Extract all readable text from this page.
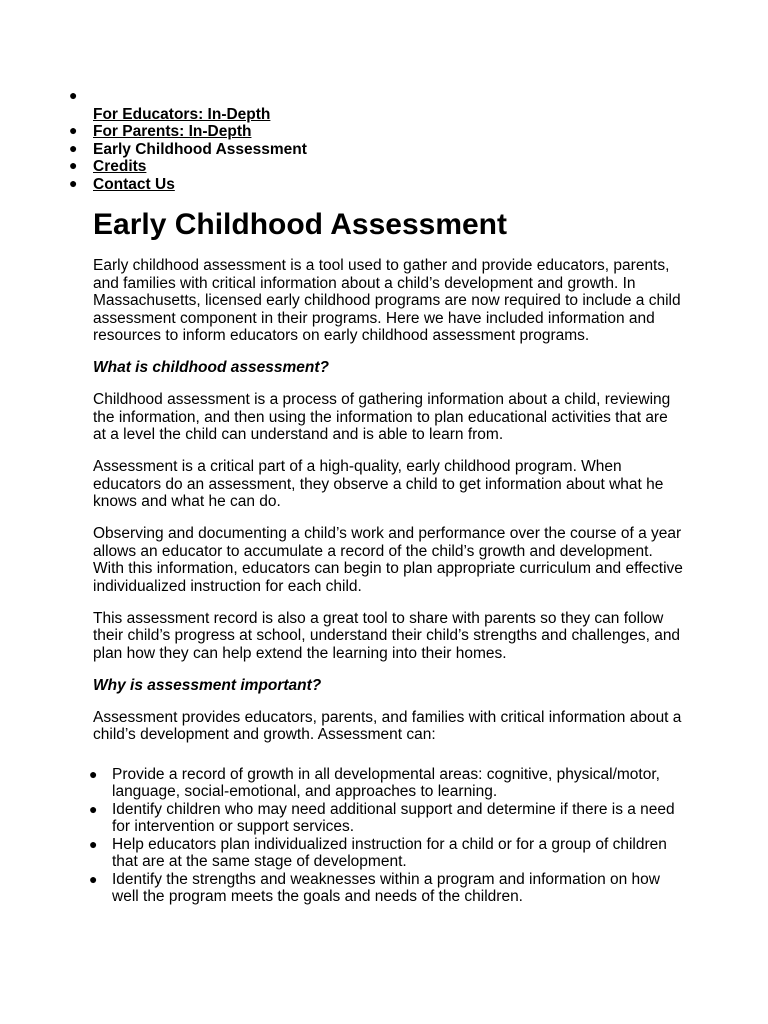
●
For Educators: In-Depth
● For Parents: In-Depth
● Early Childhood Assessment
● Credits
● Contact Us
Early Childhood Assessment

Early childhood assessment is a tool used to gather and provide educators, parents, and families with critical information about a child’s development and growth. In Massachusetts, licensed early childhood programs are now required to include a child assessment component in their programs. Here we have included information and resources to inform educators on early childhood assessment programs.

What is childhood assessment?

Childhood assessment is a process of gathering information about a child, reviewing the information, and then using the information to plan educational activities that are at a level the child can understand and is able to learn from.

Assessment is a critical part of a high-quality, early childhood program. When educators do an assessment, they observe a child to get information about what he knows and what he can do.

Observing and documenting a child’s work and performance over the course of a year allows an educator to accumulate a record of the child’s growth and development. With this information, educators can begin to plan appropriate curriculum and effective individualized instruction for each child.

This assessment record is also a great tool to share with parents so they can follow their child’s progress at school, understand their child’s strengths and challenges, and plan how they can help extend the learning into their homes.

Why is assessment important?

Assessment provides educators, parents, and families with critical information about a child’s development and growth. Assessment can:

● Provide a record of growth in all developmental areas: cognitive, physical/motor, language, social-emotional, and approaches to learning.
● Identify children who may need additional support and determine if there is a need for intervention or support services.
● Help educators plan individualized instruction for a child or for a group of children that are at the same stage of development.
● Identify the strengths and weaknesses within a program and information on how well the program meets the goals and needs of the children.
